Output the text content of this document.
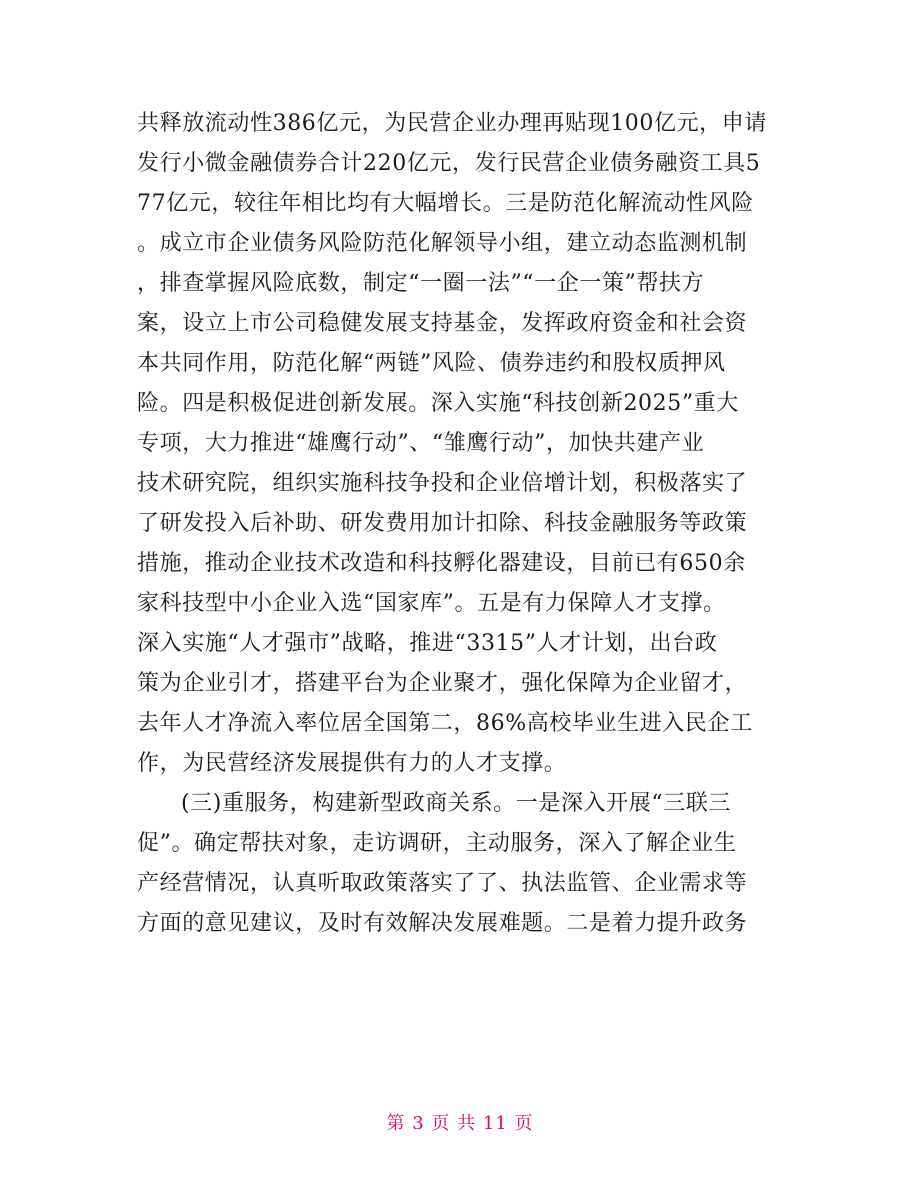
共释放流动性386亿元，为民营企业办理再贴现100亿元，申请
发行小微金融债券合计220亿元，发行民营企业债务融资工具5
77亿元，较往年相比均有大幅增长。三是防范化解流动性风险
。成立市企业债务风险防范化解领导小组，建立动态监测机制
，排查掌握风险底数，制定“一圈一法”“一企一策”帮扶方
案，设立上市公司稳健发展支持基金，发挥政府资金和社会资
本共同作用，防范化解“两链”风险、债券违约和股权质押风
险。四是积极促进创新发展。深入实施“科技创新2025”重大
专项，大力推进“雄鹰行动”、“雏鹰行动”，加快共建产业
技术研究院，组织实施科技争投和企业倍增计划，积极落实了
了研发投入后补助、研发费用加计扣除、科技金融服务等政策
措施，推动企业技术改造和科技孵化器建设，目前已有650余
家科技型中小企业入选“国家库”。五是有力保障人才支撑。
深入实施“人才强市”战略，推进“3315”人才计划，出台政
策为企业引才，搭建平台为企业聚才，强化保障为企业留才，
去年人才净流入率位居全国第二，86%高校毕业生进入民企工
作，为民营经济发展提供有力的人才支撑。
(三)重服务，构建新型政商关系。一是深入开展“三联三
促”。确定帮扶对象，走访调研，主动服务，深入了解企业生
产经营情况，认真听取政策落实了了、执法监管、企业需求等
方面的意见建议，及时有效解决发展难题。二是着力提升政务
第 3 页 共 11 页
